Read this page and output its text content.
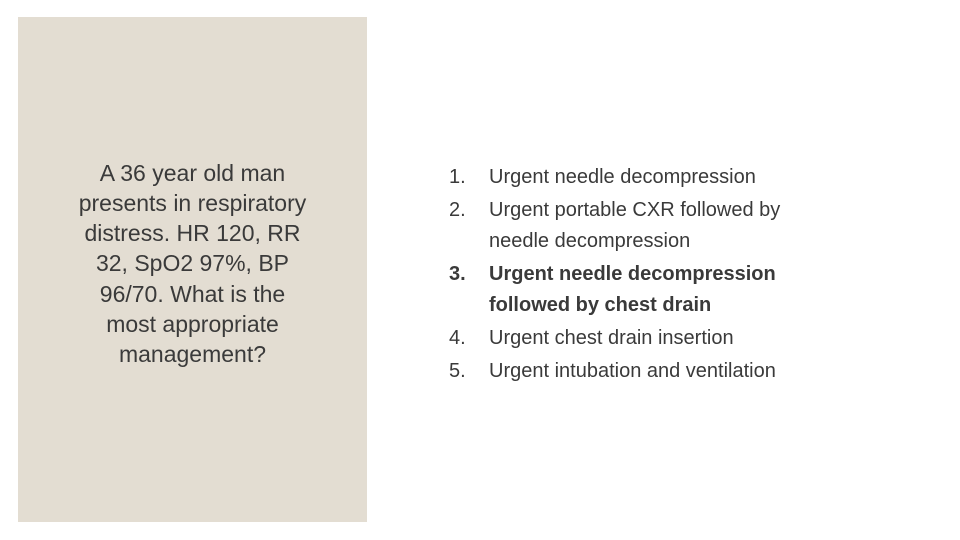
A 36 year old man
presents in respiratory
distress. HR 120, RR
32, SpO2 97%, BP
96/70. What is the
most appropriate
management?
1.	Urgent needle decompression
2.	Urgent portable CXR followed by
needle decompression
3.	Urgent needle decompression
followed by chest drain
4.	Urgent chest drain insertion
5.	Urgent intubation and ventilation
